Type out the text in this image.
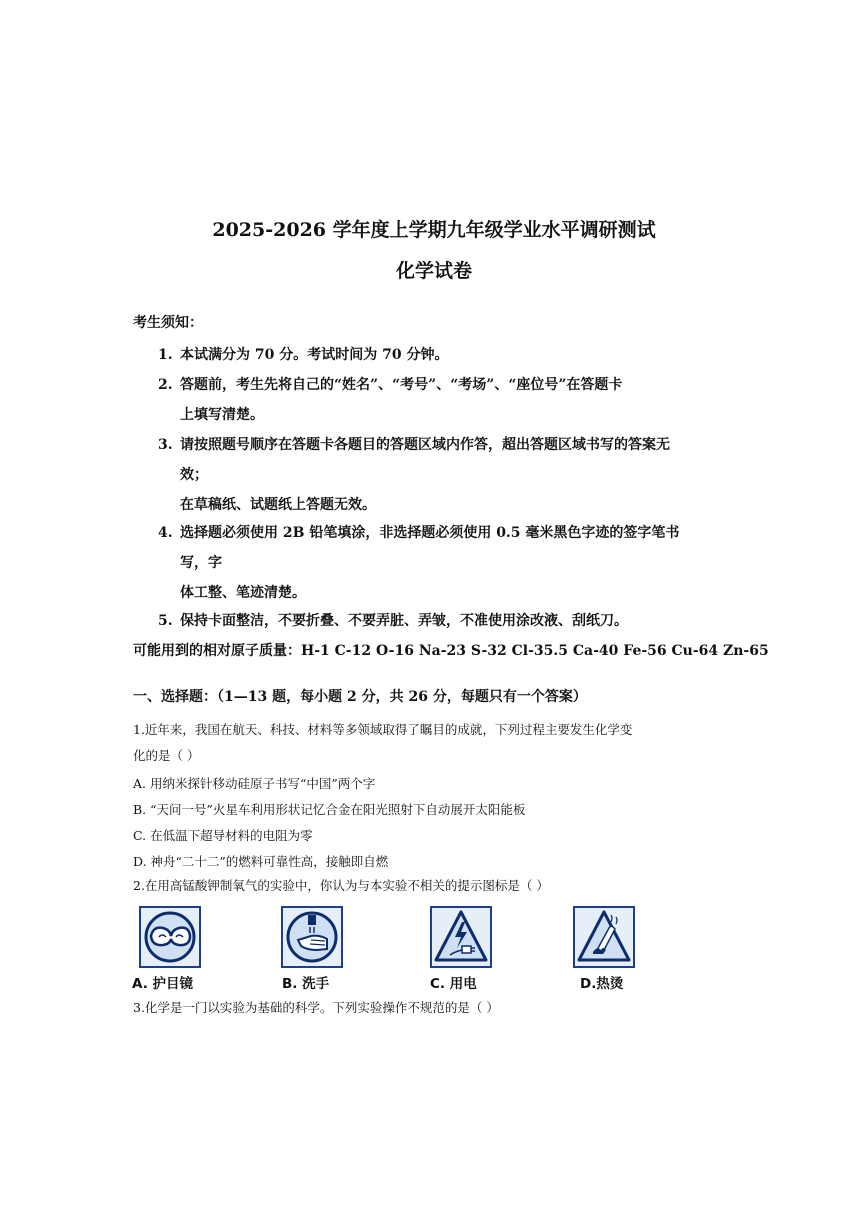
2025-2026 学年度上学期九年级学业水平调研测试
化学试卷
考生须知：
1. 本试满分为 70 分。考试时间为 70 分钟。
2. 答题前，考生先将自己的“姓名”、“考号”、“考场”、“座位号”在答题卡
上填写清楚。
3. 请按照题号顺序在答题卡各题目的答题区域内作答，超出答题区域书写的答案无
效；
在草稿纸、试题纸上答题无效。
4. 选择题必须使用 2B 铅笔填涂，非选择题必须使用 0.5 毫米黑色字迹的签字笔书
写，字
体工整、笔迹清楚。
5. 保持卡面整洁，不要折叠、不要弄脏、弄皱，不准使用涂改液、刮纸刀。
可能用到的相对原子质量：H-1 C-12 O-16 Na-23 S-32 Cl-35.5 Ca-40 Fe-56 Cu-64 Zn-65
一、选择题：（1—13 题，每小题 2 分，共 26 分，每题只有一个答案）
1.近年来，我国在航天、科技、材料等多领域取得了瞩目的成就，下列过程主要发生化学变
化的是（ ）
A. 用纳米探针移动硅原子书写“中国”两个字
B. “天问一号”火星车利用形状记忆合金在阳光照射下自动展开太阳能板
C. 在低温下超导材料的电阻为零
D. 神舟“二十二”的燃料可靠性高，接触即自燃
2.在用高锰酸钾制氧气的实验中，你认为与本实验不相关的提示图标是（ ）
A. 护目镜	B. 洗手	C. 用电	D.热烫
3.化学是一门以实验为基础的科学。下列实验操作不规范的是（ ）
